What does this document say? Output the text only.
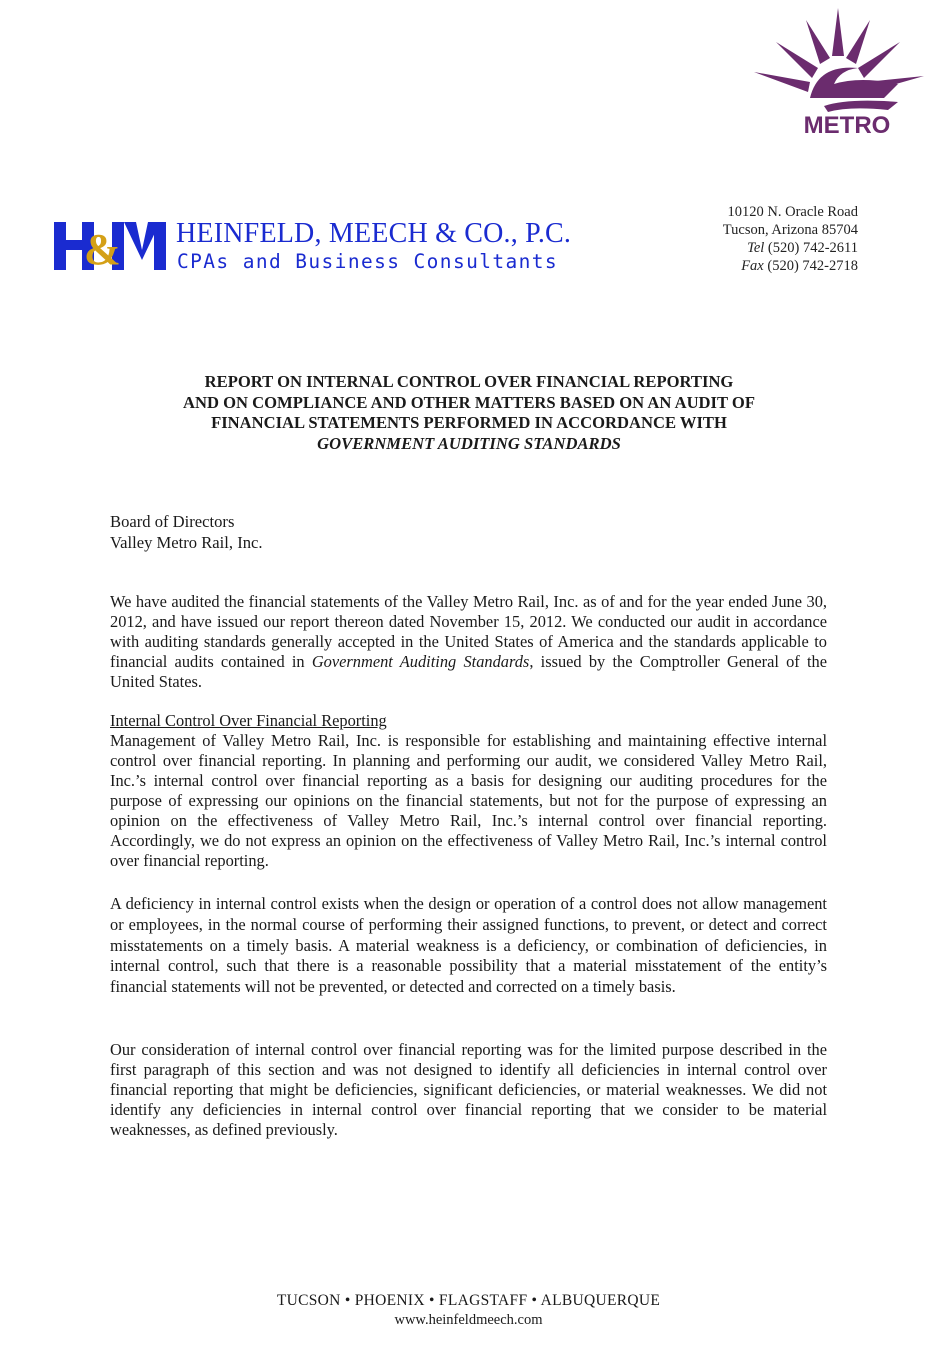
METRO
& HEINFELD, MEECH & CO., P.C.
CPAs and Business Consultants
10120 N. Oracle Road
Tucson, Arizona 85704
Tel (520) 742-2611
Fax (520) 742-2718
REPORT ON INTERNAL CONTROL OVER FINANCIAL REPORTING
AND ON COMPLIANCE AND OTHER MATTERS BASED ON AN AUDIT OF
FINANCIAL STATEMENTS PERFORMED IN ACCORDANCE WITH
GOVERNMENT AUDITING STANDARDS
Board of Directors
Valley Metro Rail, Inc.
We have audited the financial statements of the Valley Metro Rail, Inc. as of and for the year ended June 30, 2012, and have issued our report thereon dated November 15, 2012. We conducted our audit in accordance with auditing standards generally accepted in the United States of America and the standards applicable to financial audits contained in Government Auditing Standards, issued by the Comptroller General of the United States.
Internal Control Over Financial Reporting
Management of Valley Metro Rail, Inc. is responsible for establishing and maintaining effective internal control over financial reporting. In planning and performing our audit, we considered Valley Metro Rail, Inc.’s internal control over financial reporting as a basis for designing our auditing procedures for the purpose of expressing our opinions on the financial statements, but not for the purpose of expressing an opinion on the effectiveness of Valley Metro Rail, Inc.’s internal control over financial reporting. Accordingly, we do not express an opinion on the effectiveness of Valley Metro Rail, Inc.’s internal control over financial reporting.
A deficiency in internal control exists when the design or operation of a control does not allow management or employees, in the normal course of performing their assigned functions, to prevent, or detect and correct misstatements on a timely basis. A material weakness is a deficiency, or combination of deficiencies, in internal control, such that there is a reasonable possibility that a material misstatement of the entity’s financial statements will not be prevented, or detected and corrected on a timely basis.
Our consideration of internal control over financial reporting was for the limited purpose described in the first paragraph of this section and was not designed to identify all deficiencies in internal control over financial reporting that might be deficiencies, significant deficiencies, or material weaknesses. We did not identify any deficiencies in internal control over financial reporting that we consider to be material weaknesses, as defined previously.
TUCSON • PHOENIX • FLAGSTAFF • ALBUQUERQUE
www.heinfeldmeech.com
